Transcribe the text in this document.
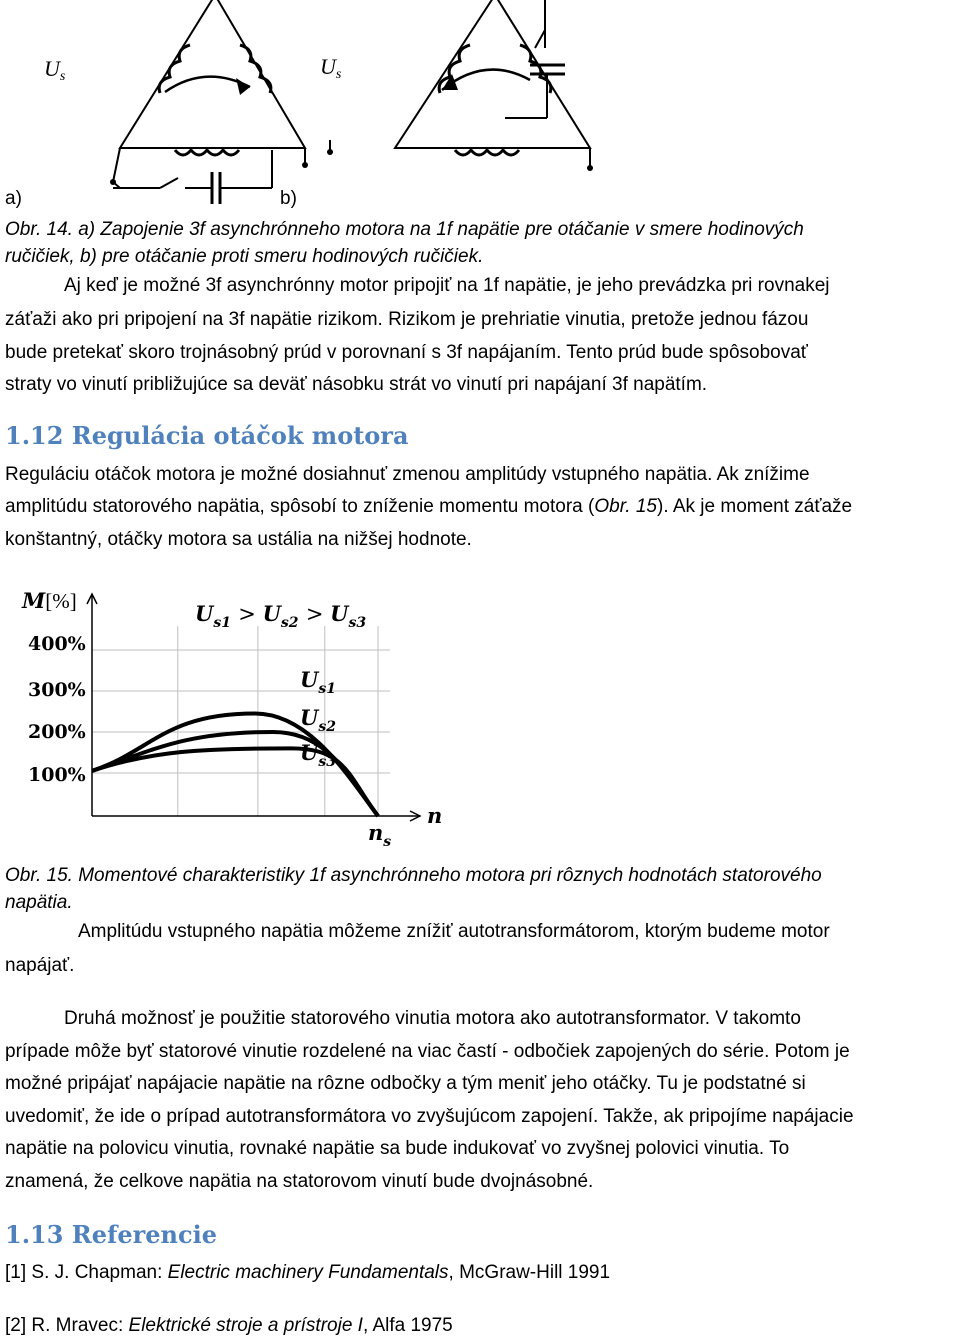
$U_s$	$U_s$
a)	b)
Obr. 14. a) Zapojenie 3f asynchrónneho motora na 1f napätie pre otáčanie v smere hodinových
ručičiek, b) pre otáčanie proti smeru hodinových ručičiek.
Aj keď je možné 3f asynchrónny motor pripojiť na 1f napätie, je jeho prevádzka pri rovnakej
záťaži ako pri pripojení na 3f napätie rizikom. Rizikom je prehriatie vinutia, pretože jednou fázou
bude pretekať skoro trojnásobný prúd v porovnaní s 3f napájaním. Tento prúd bude spôsobovať
straty vo vinutí približujúce sa deväť násobku strát vo vinutí pri napájaní 3f napätím.
1.12 Regulácia otáčok motora
Reguláciu otáčok motora je možné dosiahnuť zmenou amplitúdy vstupného napätia. Ak znížime
amplitúdu statorového napätia, spôsobí to zníženie momentu motora (Obr. 15). Ak je moment záťaže
konštantný, otáčky motora sa ustália na nižšej hodnote.
M[%]
400%
300%
200%
100%
$U_{s1} > U_{s2} > U_{s3}$
$U_{s1}$
$U_{s2}$
$U_{s3}$
$n_s$
n
Obr. 15. Momentové charakteristiky 1f asynchrónneho motora pri rôznych hodnotách statorového
napätia.
Amplitúdu vstupného napätia môžeme znížiť autotransformátorom, ktorým budeme motor
napájať.
Druhá možnosť je použitie statorového vinutia motora ako autotransformator. V takomto
prípade môže byť statorové vinutie rozdelené na viac častí - odbočiek zapojených do série. Potom je
možné pripájať napájacie napätie na rôzne odbočky a tým meniť jeho otáčky. Tu je podstatné si
uvedomiť, že ide o prípad autotransformátora vo zvyšujúcom zapojení. Takže, ak pripojíme napájacie
napätie na polovicu vinutia, rovnaké napätie sa bude indukovať vo zvyšnej polovici vinutia. To
znamená, že celkove napätia na statorovom vinutí bude dvojnásobné.
1.13 Referencie
[1] S. J. Chapman: Electric machinery Fundamentals, McGraw-Hill 1991
[2] R. Mravec: Elektrické stroje a prístroje I, Alfa 1975
